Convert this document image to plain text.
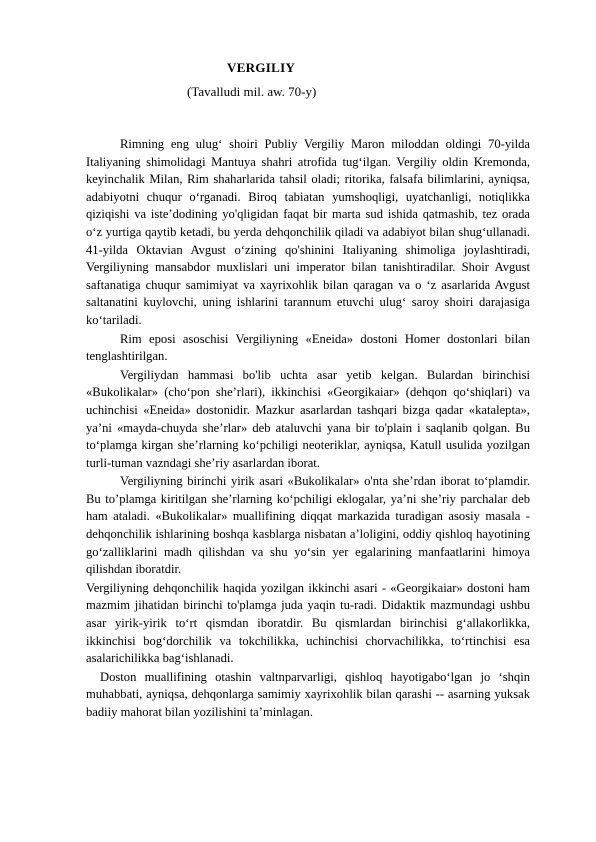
VERGILIY
(Tavalludi mil. aw. 70-y)

Rimning eng ulug‘ shoiri Publiy Vergiliy Maron miloddan oldingi 70-yilda Italiyaning shimolidagi Mantuya shahri atrofida tug‘ilgan. Vergiliy oldin Kremonda, keyinchalik Milan, Rim shaharlarida tahsil oladi; ritorika, falsafa bilimlarini, ayniqsa, adabiyotni chuqur o‘rganadi. Biroq tabiatan yumshoqligi, uyatchanligi, notiqlikka qiziqishi va iste’dodining yo'qligidan faqat bir marta sud ishida qatmashib, tez orada o‘z yurtiga qaytib ketadi, bu yerda dehqonchilik qiladi va adabiyot bilan shug‘ullanadi. 41-yilda Oktavian Avgust o‘zining qo'shinini Italiyaning shimoliga joylashtiradi, Vergiliyning mansabdor muxlislari uni imperator bilan tanishtiradilar. Shoir Avgust saftanatiga chuqur samimiyat va xayrixohlik bilan qaragan va o ‘z asarlarida Avgust saltanatini kuylovchi, uning ishlarini tarannum etuvchi ulug‘ saroy shoiri darajasiga ko‘tariladi.

Rim eposi asoschisi Vergiliyning «Eneida» dostoni Homer dostonlari bilan tenglashtirilgan.

Vergiliydan hammasi bo'lib uchta asar yetib kelgan. Bulardan birinchisi «Bukolikalar» (cho‘pon she’rlari), ikkinchisi «Georgikaiar» (dehqon qo‘shiqlari) va uchinchisi «Eneida» dostonidir. Mazkur asarlardan tashqari bizga qadar «katalepta», ya’ni «mayda-chuyda she’rlar» deb ataluvchi yana bir to'plain i saqlanib qolgan. Bu to‘plamga kirgan she’rlarning ko‘pchiligi neoteriklar, ayniqsa, Katull usulida yozilgan turli-tuman vazndagi she’riy asarlardan iborat.

Vergiliyning birinchi yirik asari «Bukolikalar» o'nta she’rdan iborat to‘plamdir. Bu to’plamga kiritilgan she’rlarning ko‘pchiligi eklogalar, ya’ni she’riy parchalar deb ham ataladi. «Bukolikalar» muallifining diqqat markazida turadigan asosiy masala - dehqonchilik ishlarining boshqa kasblarga nisbatan a’loligini, oddiy qishloq hayotining go‘zalliklarini madh qilishdan va shu yo‘sin yer egalarining manfaatlarini himoya qilishdan iboratdir.

Vergiliyning dehqonchilik haqida yozilgan ikkinchi asari - «Georgikaiar» dostoni ham mazmim jihatidan birinchi to'plamga juda yaqin tu-radi. Didaktik mazmundagi ushbu asar yirik-yirik to‘rt qismdan iboratdir. Bu qismlardan birinchisi g‘allakorlikka, ikkinchisi bog‘dorchilik va tokchilikka, uchinchisi chorvachilikka, to‘rtinchisi esa asalarichilikka bag‘ishlanadi.

Doston muallifining otashin valtnparvarligi, qishloq hayotigabo‘lgan jo ‘shqin muhabbati, ayniqsa, dehqonlarga samimiy xayrixohlik bilan qarashi -- asarning yuksak badiiy mahorat bilan yozilishini ta’minlagan.
